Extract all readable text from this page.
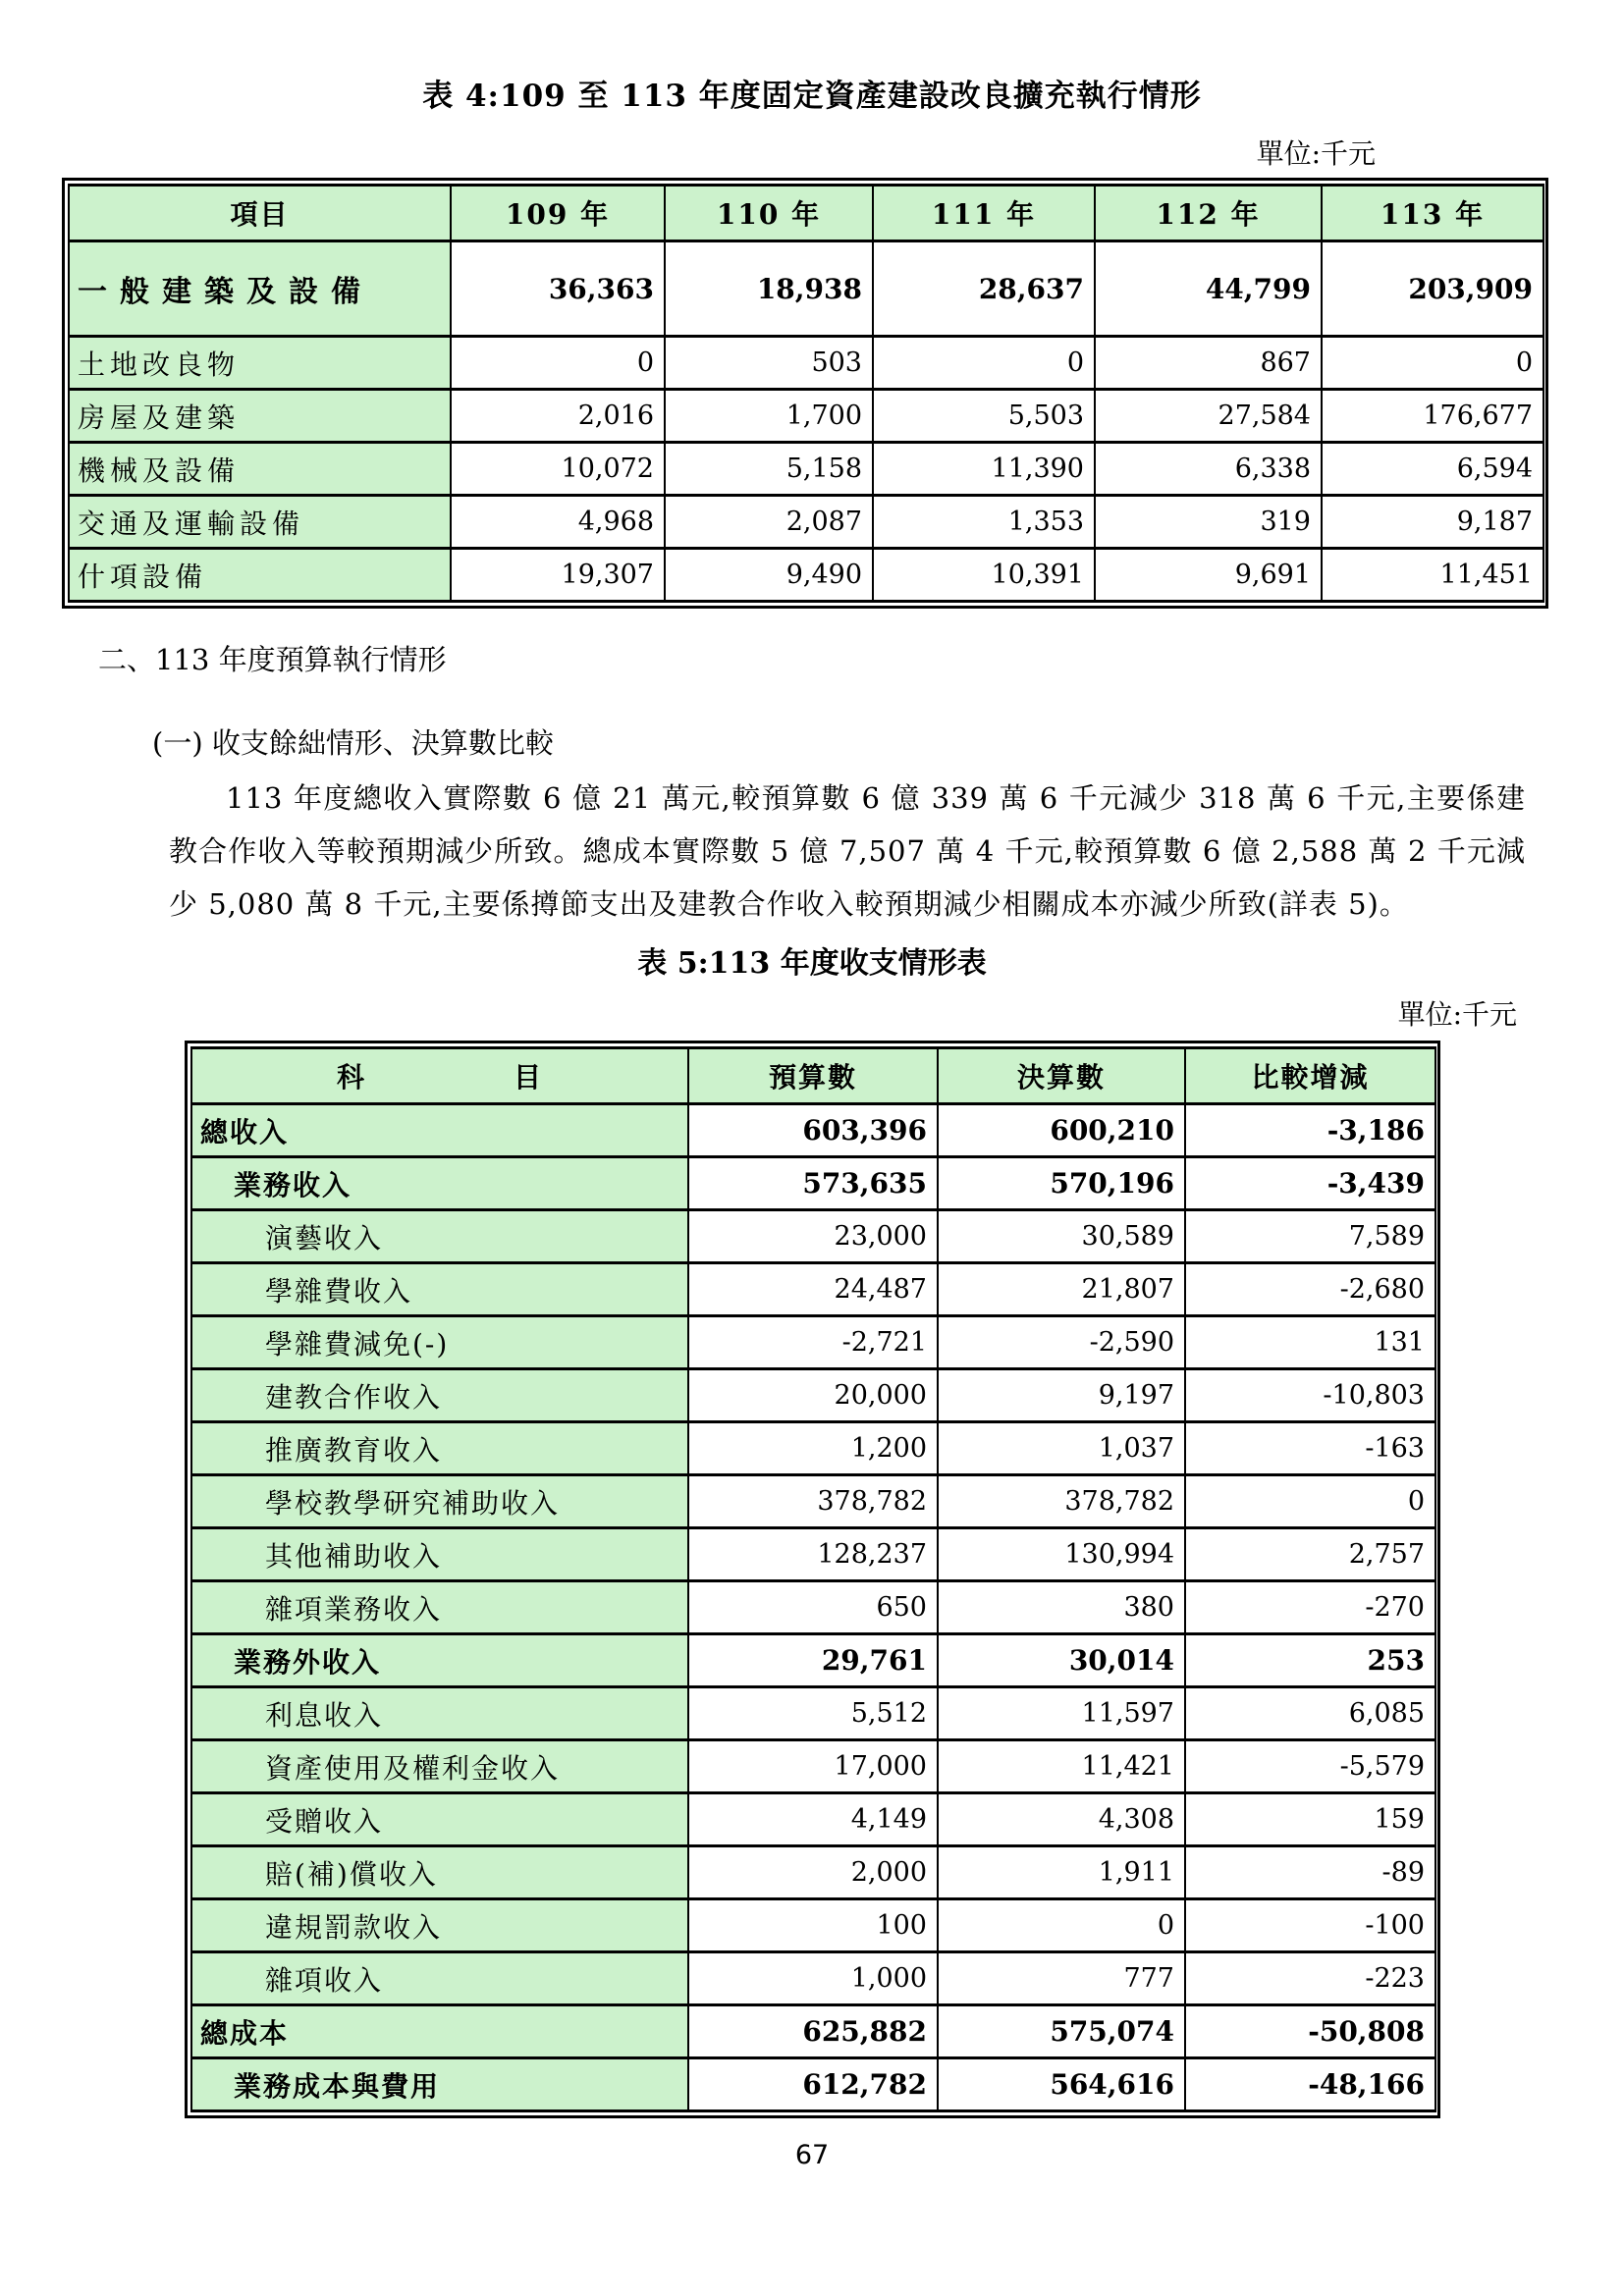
表 4:109 至 113 年度固定資產建設改良擴充執行情形
單位:千元
項目	109 年	110 年	111 年	112 年	113 年
一般建築及設備	36,363	18,938	28,637	44,799	203,909
土地改良物	0	503	0	867	0
房屋及建築	2,016	1,700	5,503	27,584	176,677
機械及設備	10,072	5,158	11,390	6,338	6,594
交通及運輸設備	4,968	2,087	1,353	319	9,187
什項設備	19,307	9,490	10,391	9,691	11,451
二、113 年度預算執行情形
(一) 收支餘絀情形、決算數比較
113 年度總收入實際數 6 億 21 萬元,較預算數 6 億 339 萬 6 千元減少 318 萬 6 千元,主要係建教合作收入等較預期減少所致。總成本實際數 5 億 7,507 萬 4 千元,較預算數 6 億 2,588 萬 2 千元減少 5,080 萬 8 千元,主要係撙節支出及建教合作收入較預期減少相關成本亦減少所致(詳表 5)。
表 5:113 年度收支情形表
單位:千元
科　　　　　目	預算數	決算數	比較增減
總收入	603,396	600,210	-3,186
業務收入	573,635	570,196	-3,439
演藝收入	23,000	30,589	7,589
學雜費收入	24,487	21,807	-2,680
學雜費減免(-)	-2,721	-2,590	131
建教合作收入	20,000	9,197	-10,803
推廣教育收入	1,200	1,037	-163
學校教學研究補助收入	378,782	378,782	0
其他補助收入	128,237	130,994	2,757
雜項業務收入	650	380	-270
業務外收入	29,761	30,014	253
利息收入	5,512	11,597	6,085
資產使用及權利金收入	17,000	11,421	-5,579
受贈收入	4,149	4,308	159
賠(補)償收入	2,000	1,911	-89
違規罰款收入	100	0	-100
雜項收入	1,000	777	-223
總成本	625,882	575,074	-50,808
業務成本與費用	612,782	564,616	-48,166
67
